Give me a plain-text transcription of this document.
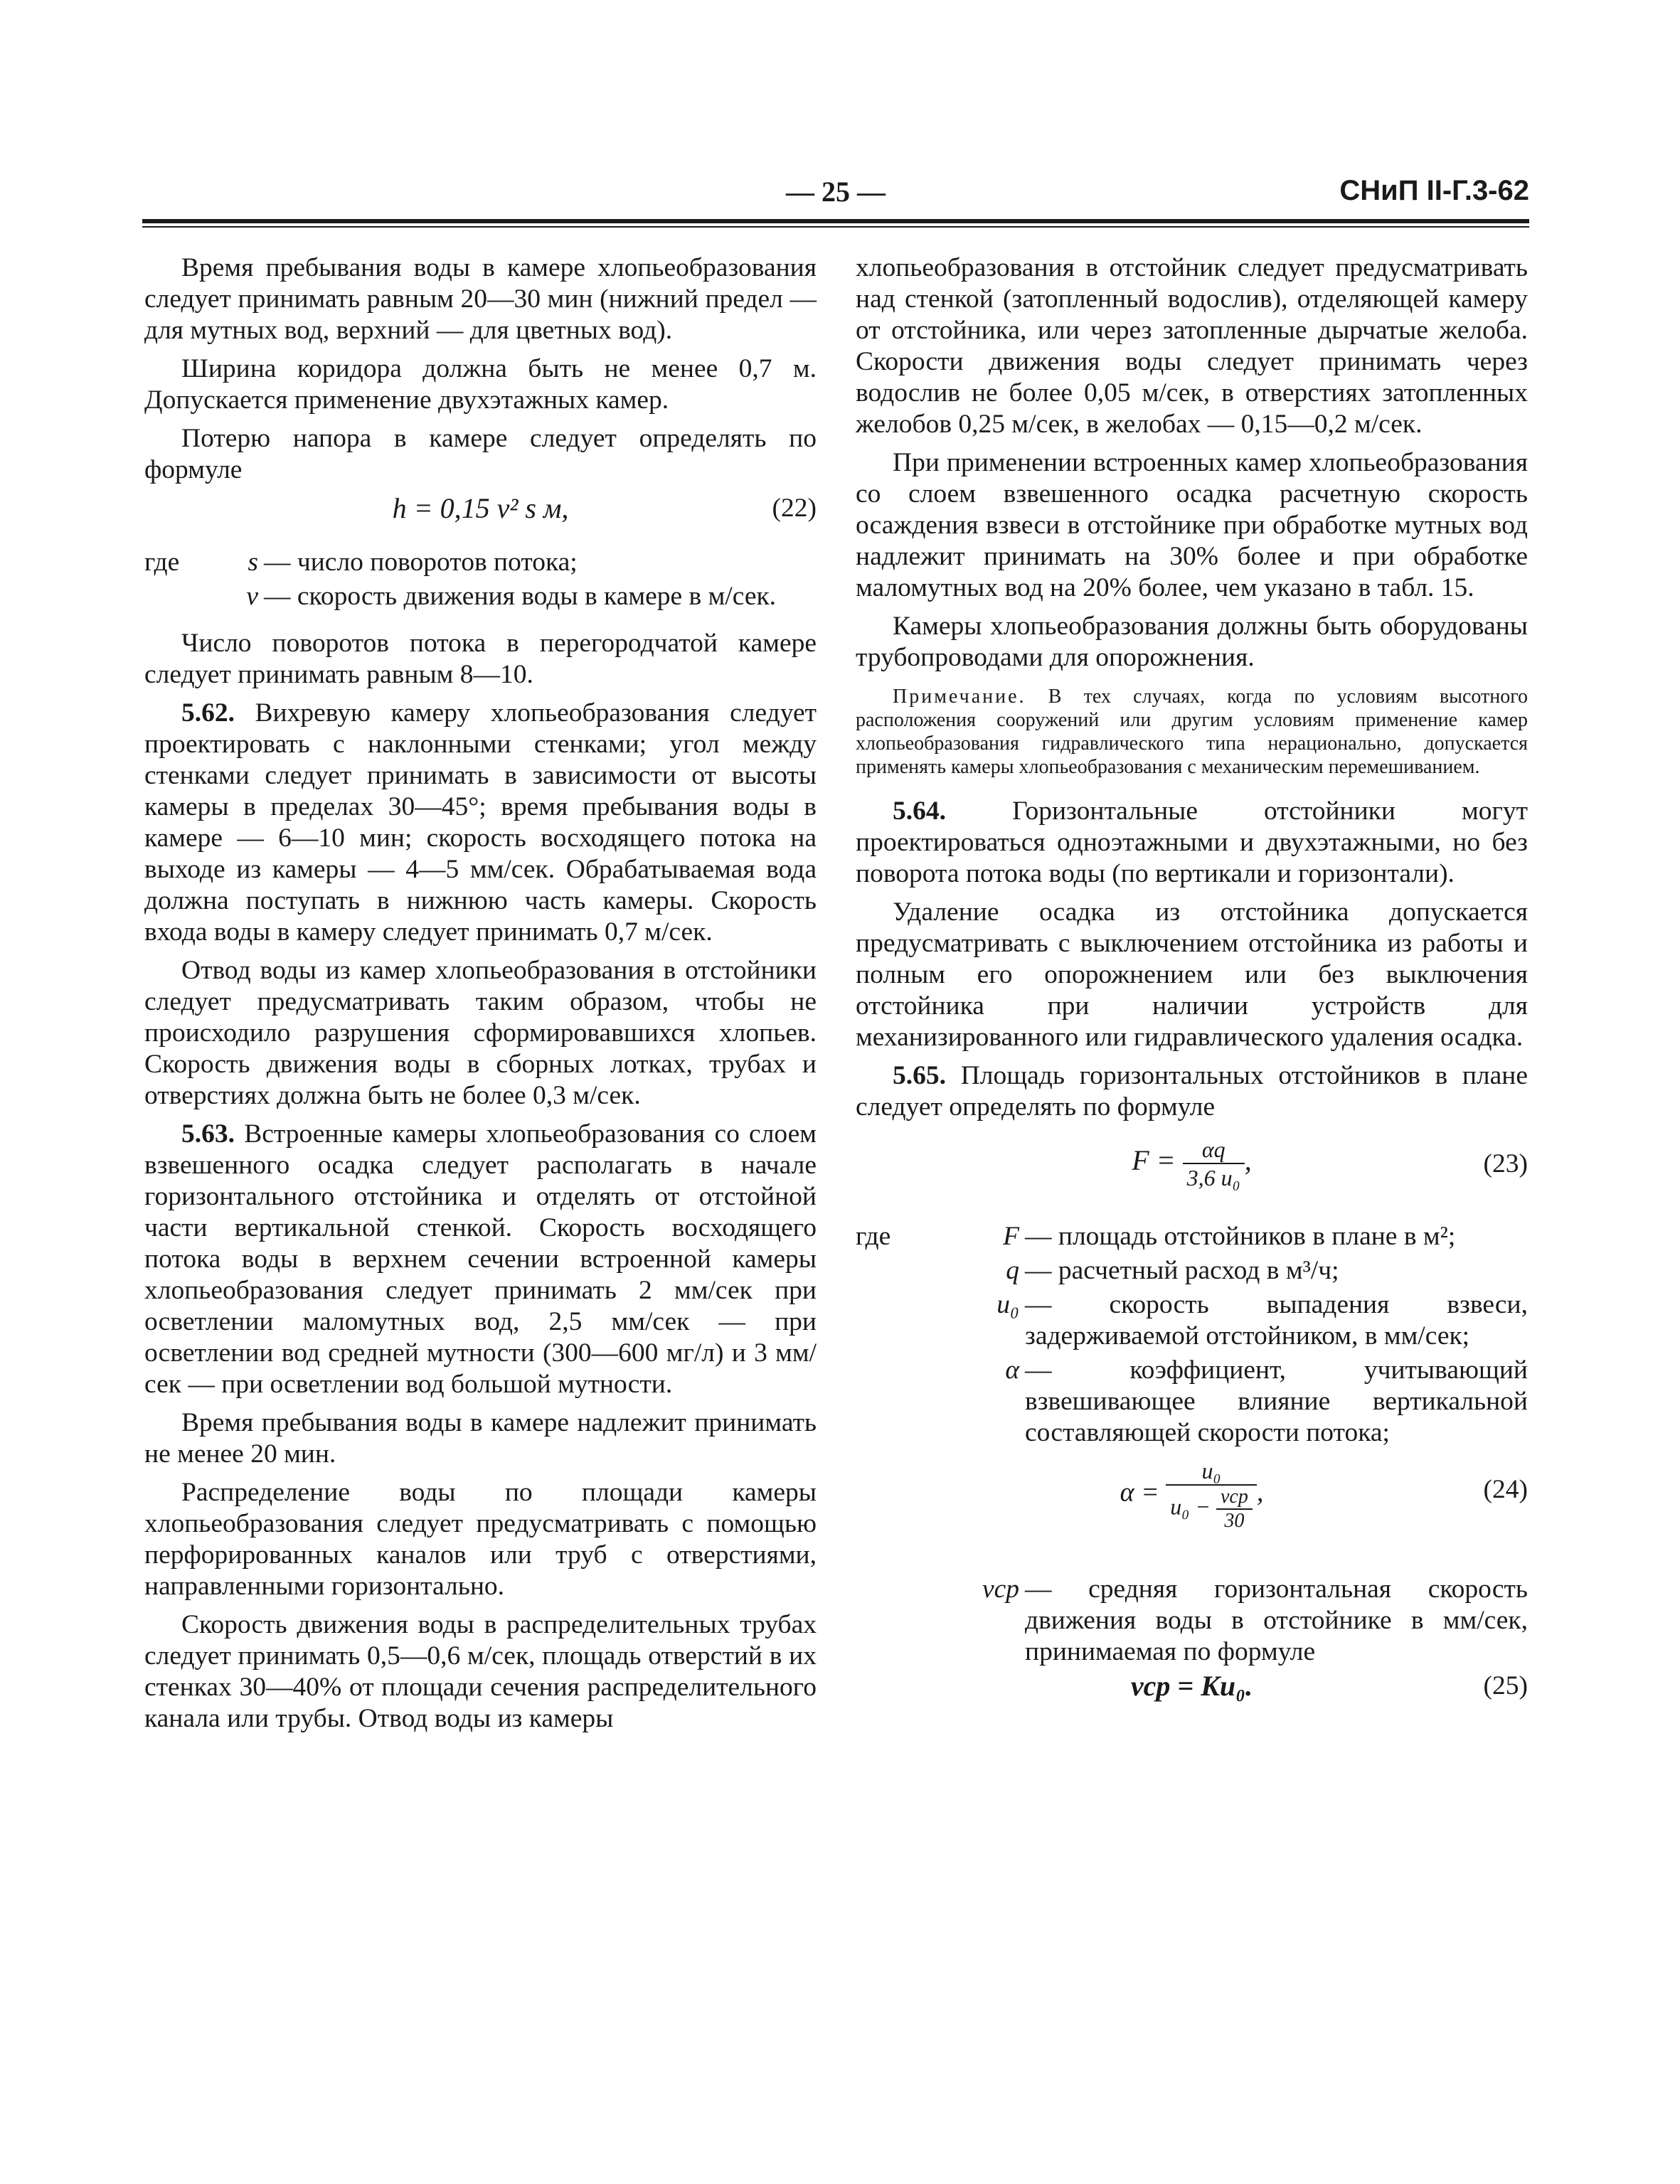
— 25 —	СНиП II-Г.3-62

Время пребывания воды в камере хлопьеобразования следует принимать равным 20—30 мин (нижний предел — для мутных вод, верхний — для цветных вод).

Ширина коридора должна быть не менее 0,7 м. Допускается применение двухэтажных камер.

Потерю напора в камере следует определять по формуле

h = 0,15 v² s м,	(22)
где	s — число поворотов потока;
v — скорость движения воды в камере в м/сек.

Число поворотов потока в перегородчатой камере следует принимать равным 8—10.

5.62. Вихревую камеру хлопьеобразования следует проектировать с наклонными стенками; угол между стенками следует принимать в зависимости от высоты камеры в пределах 30—45°; время пребывания воды в камере — 6—10 мин; скорость восходящего потока на выходе из камеры — 4—5 мм/сек. Обрабатываемая вода должна поступать в нижнюю часть камеры. Скорость входа воды в камеру следует принимать 0,7 м/сек.

Отвод воды из камер хлопьеобразования в отстойники следует предусматривать таким образом, чтобы не происходило разрушения сформировавшихся хлопьев. Скорость движения воды в сборных лотках, трубах и отверстиях должна быть не более 0,3 м/сек.

5.63. Встроенные камеры хлопьеобразования со слоем взвешенного осадка следует располагать в начале горизонтального отстойника и отделять от отстойной части вертикальной стенкой. Скорость восходящего потока воды в верхнем сечении встроенной камеры хлопьеобразования следует принимать 2 мм/сек при осветлении маломутных вод, 2,5 мм/сек — при осветлении вод средней мутности (300—600 мг/л) и 3 мм/сек — при осветлении вод большой мутности.

Время пребывания воды в камере надлежит принимать не менее 20 мин.

Распределение воды по площади камеры хлопьеобразования следует предусматривать с помощью перфорированных каналов или труб с отверстиями, направленными горизонтально.

Скорость движения воды в распределительных трубах следует принимать 0,5—0,6 м/сек, площадь отверстий в их стенках 30—40% от площади сечения распределительного канала или трубы. Отвод воды из камеры

хлопьеобразования в отстойник следует предусматривать над стенкой (затопленный водослив), отделяющей камеру от отстойника, или через затопленные дырчатые желоба. Скорости движения воды следует принимать через водослив не более 0,05 м/сек, в отверстиях затопленных желобов 0,25 м/сек, в желобах — 0,15—0,2 м/сек.

При применении встроенных камер хлопьеобразования со слоем взвешенного осадка расчетную скорость осаждения взвеси в отстойнике при обработке мутных вод надлежит принимать на 30% более и при обработке маломутных вод на 20% более, чем указано в табл. 15.

Камеры хлопьеобразования должны быть оборудованы трубопроводами для опорожнения.

Примечание. В тех случаях, когда по условиям высотного расположения сооружений или другим условиям применение камер хлопьеобразования гидравлического типа нерационально, допускается применять камеры хлопьеобразования с механическим перемешиванием.

5.64. Горизонтальные отстойники могут проектироваться одноэтажными и двухэтажными, но без поворота потока воды (по вертикали и горизонтали).

Удаление осадка из отстойника допускается предусматривать с выключением отстойника из работы и полным его опорожнением или без выключения отстойника при наличии устройств для механизированного или гидравлического удаления осадка.

5.65. Площадь горизонтальных отстойников в плане следует определять по формуле

$F = \frac{\alpha q}{\text{3,6 u₀}}$ ,	(23)
где	F — площадь отстойников в плане в м²;
q — расчетный расход в м³/ч;
u₀ — скорость выпадения взвеси, задерживаемой отстойником, в мм/сек;
α — коэффициент, учитывающий взвешивающее влияние вертикальной составляющей скорости потока;
$\alpha = \frac{\text{u₀}}{u_0 - \frac{\text{vср}}{30}}$ ,	(24)
vср — средняя горизонтальная скорость движения воды в отстойнике в мм/сек, принимаемая по формуле
vср = Ku₀.	(25)
